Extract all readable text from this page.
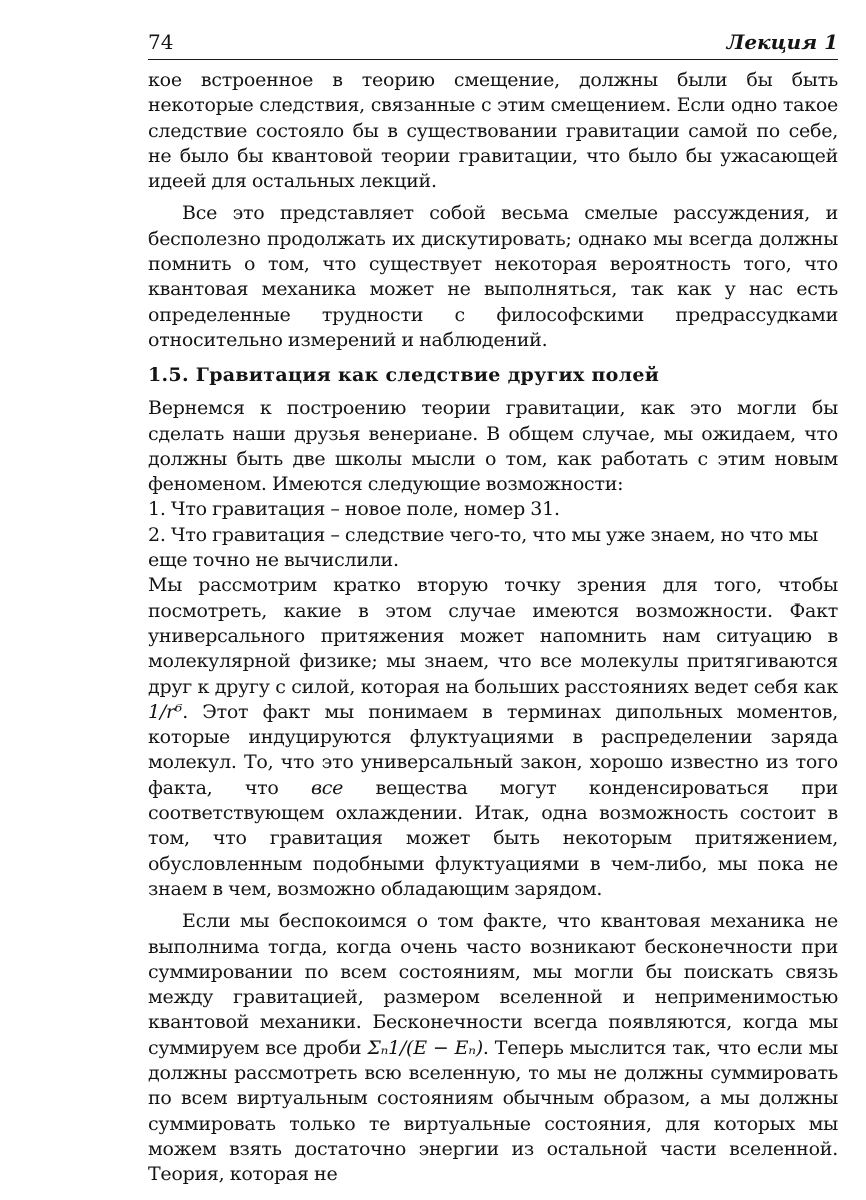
74	Лекция 1

кое встроенное в теорию смещение, должны были бы быть некоторые следствия, связанные с этим смещением. Если одно такое следствие состояло бы в существовании гравитации самой по себе, не было бы квантовой теории гравитации, что было бы ужасающей идеей для остальных лекций.

Все это представляет собой весьма смелые рассуждения, и бесполезно продолжать их дискутировать; однако мы всегда должны помнить о том, что существует некоторая вероятность того, что квантовая механика может не выполняться, так как у нас есть определенные трудности с философскими предрассудками относительно измерений и наблюдений.

1.5. Гравитация как следствие других полей

Вернемся к построению теории гравитации, как это могли бы сделать наши друзья венериане. В общем случае, мы ожидаем, что должны быть две школы мысли о том, как работать с этим новым феноменом. Имеются следующие возможности:

1. Что гравитация – новое поле, номер 31.

2. Что гравитация – следствие чего-то, что мы уже знаем, но что мы еще точно не вычислили.

Мы рассмотрим кратко вторую точку зрения для того, чтобы посмотреть, какие в этом случае имеются возможности. Факт универсального притяжения может напомнить нам ситуацию в молекулярной физике; мы знаем, что все молекулы притягиваются друг к другу с силой, которая на больших расстояниях ведет себя как 1/r⁶. Этот факт мы понимаем в терминах дипольных моментов, которые индуцируются флуктуациями в распределении заряда молекул. То, что это универсальный закон, хорошо известно из того факта, что все вещества могут конденсироваться при соответствующем охлаждении. Итак, одна возможность состоит в том, что гравитация может быть некоторым притяжением, обусловленным подобными флуктуациями в чем-либо, мы пока не знаем в чем, возможно обладающим зарядом.

Если мы беспокоимся о том факте, что квантовая механика не выполнима тогда, когда очень часто возникают бесконечности при суммировании по всем состояниям, мы могли бы поискать связь между гравитацией, размером вселенной и неприменимостью квантовой механики. Бесконечности всегда появляются, когда мы суммируем все дроби Σₙ1/(E − Eₙ). Теперь мыслится так, что если мы должны рассмотреть всю вселенную, то мы не должны суммировать по всем виртуальным состояниям обычным образом, а мы должны суммировать только те виртуальные состояния, для которых мы можем взять достаточно энергии из остальной части вселенной. Теория, которая не
